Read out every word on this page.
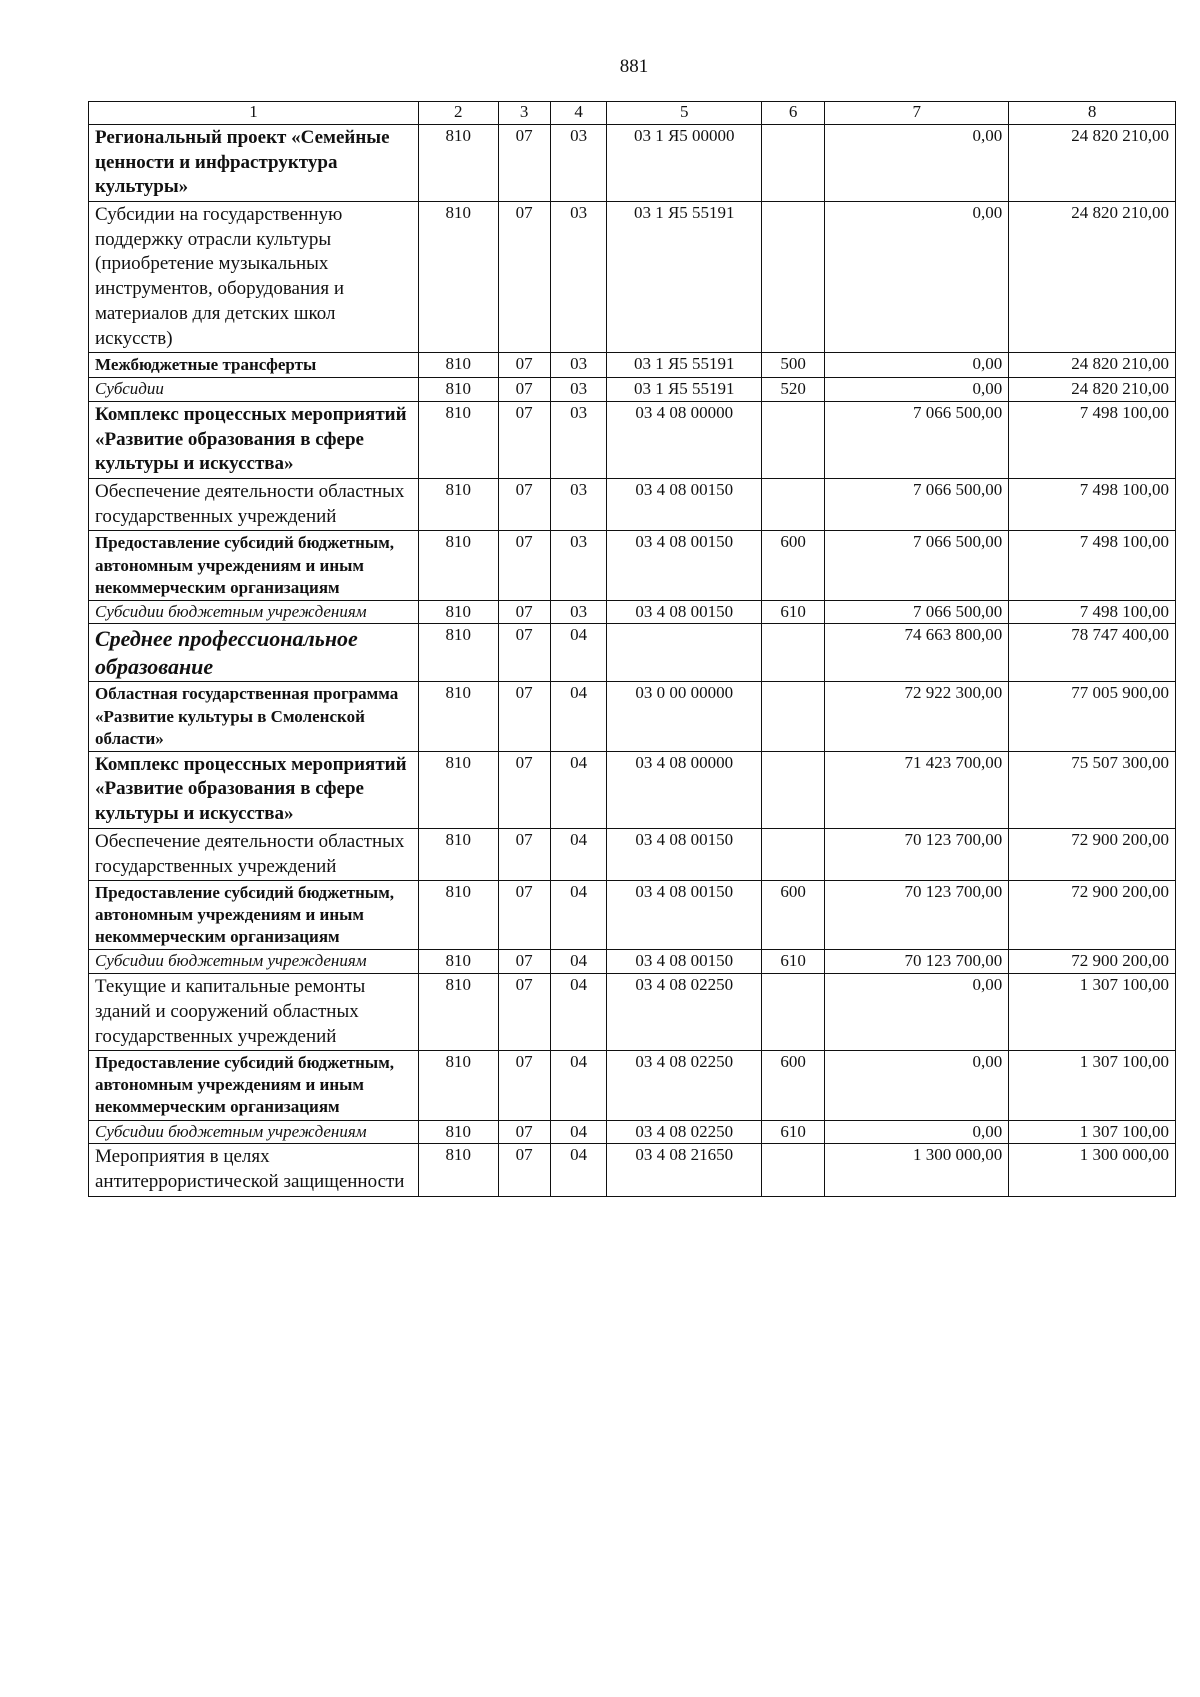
881
1	2	3	4	5	6	7	8
Региональный проект «Семейные ценности и инфраструктура культуры»	810	07	03	03 1 Я5 00000		0,00	24 820 210,00
Субсидии на государственную поддержку отрасли культуры (приобретение музыкальных инструментов, оборудования и материалов для детских школ искусств)	810	07	03	03 1 Я5 55191		0,00	24 820 210,00
Межбюджетные трансферты	810	07	03	03 1 Я5 55191	500	0,00	24 820 210,00
Субсидии	810	07	03	03 1 Я5 55191	520	0,00	24 820 210,00
Комплекс процессных мероприятий «Развитие образования в сфере культуры и искусства»	810	07	03	03 4 08 00000		7 066 500,00	7 498 100,00
Обеспечение деятельности областных государственных учреждений	810	07	03	03 4 08 00150		7 066 500,00	7 498 100,00
Предоставление субсидий бюджетным, автономным учреждениям и иным некоммерческим организациям	810	07	03	03 4 08 00150	600	7 066 500,00	7 498 100,00
Субсидии бюджетным учреждениям	810	07	03	03 4 08 00150	610	7 066 500,00	7 498 100,00
Среднее профессиональное образование	810	07	04			74 663 800,00	78 747 400,00
Областная государственная программа «Развитие культуры в Смоленской области»	810	07	04	03 0 00 00000		72 922 300,00	77 005 900,00
Комплекс процессных мероприятий «Развитие образования в сфере культуры и искусства»	810	07	04	03 4 08 00000		71 423 700,00	75 507 300,00
Обеспечение деятельности областных государственных учреждений	810	07	04	03 4 08 00150		70 123 700,00	72 900 200,00
Предоставление субсидий бюджетным, автономным учреждениям и иным некоммерческим организациям	810	07	04	03 4 08 00150	600	70 123 700,00	72 900 200,00
Субсидии бюджетным учреждениям	810	07	04	03 4 08 00150	610	70 123 700,00	72 900 200,00
Текущие и капитальные ремонты зданий и сооружений областных государственных учреждений	810	07	04	03 4 08 02250		0,00	1 307 100,00
Предоставление субсидий бюджетным, автономным учреждениям и иным некоммерческим организациям	810	07	04	03 4 08 02250	600	0,00	1 307 100,00
Субсидии бюджетным учреждениям	810	07	04	03 4 08 02250	610	0,00	1 307 100,00
Мероприятия в целях антитеррористической защищенности	810	07	04	03 4 08 21650		1 300 000,00	1 300 000,00
